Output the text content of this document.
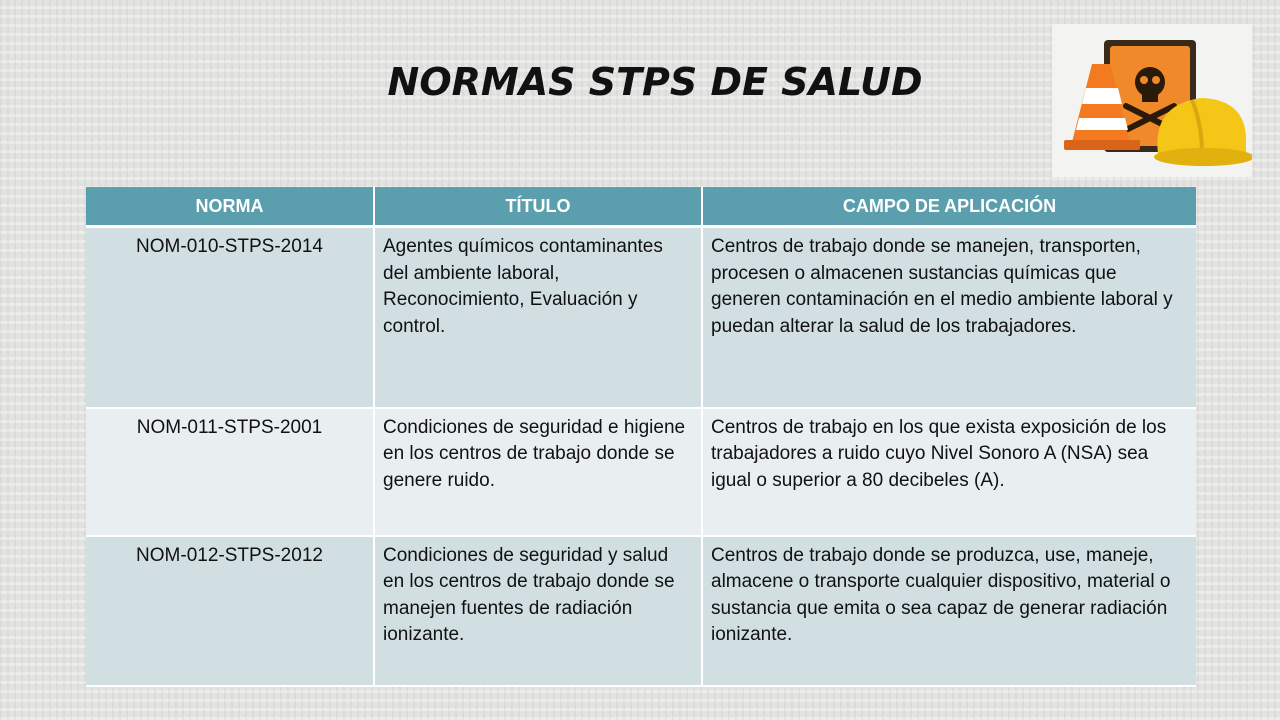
NORMAS STPS DE SALUD
NORMA	TÍTULO	CAMPO DE APLICACIÓN
NOM-010-STPS-2014	Agentes químicos contaminantes del ambiente laboral, Reconocimiento, Evaluación y control.	Centros de trabajo donde se manejen, transporten, procesen o almacenen sustancias químicas que generen contaminación en el medio ambiente laboral y puedan alterar la salud de los trabajadores.
NOM-011-STPS-2001	Condiciones de seguridad e higiene en los centros de trabajo donde se genere ruido.	Centros de trabajo en los que exista exposición de los trabajadores a ruido cuyo Nivel Sonoro A (NSA) sea igual o superior a 80 decibeles (A).
NOM-012-STPS-2012	Condiciones de seguridad y salud en los centros de trabajo donde se manejen fuentes de radiación ionizante.	Centros de trabajo donde se produzca, use, maneje, almacene o transporte cualquier dispositivo, material o sustancia que emita o sea capaz de generar radiación ionizante.
